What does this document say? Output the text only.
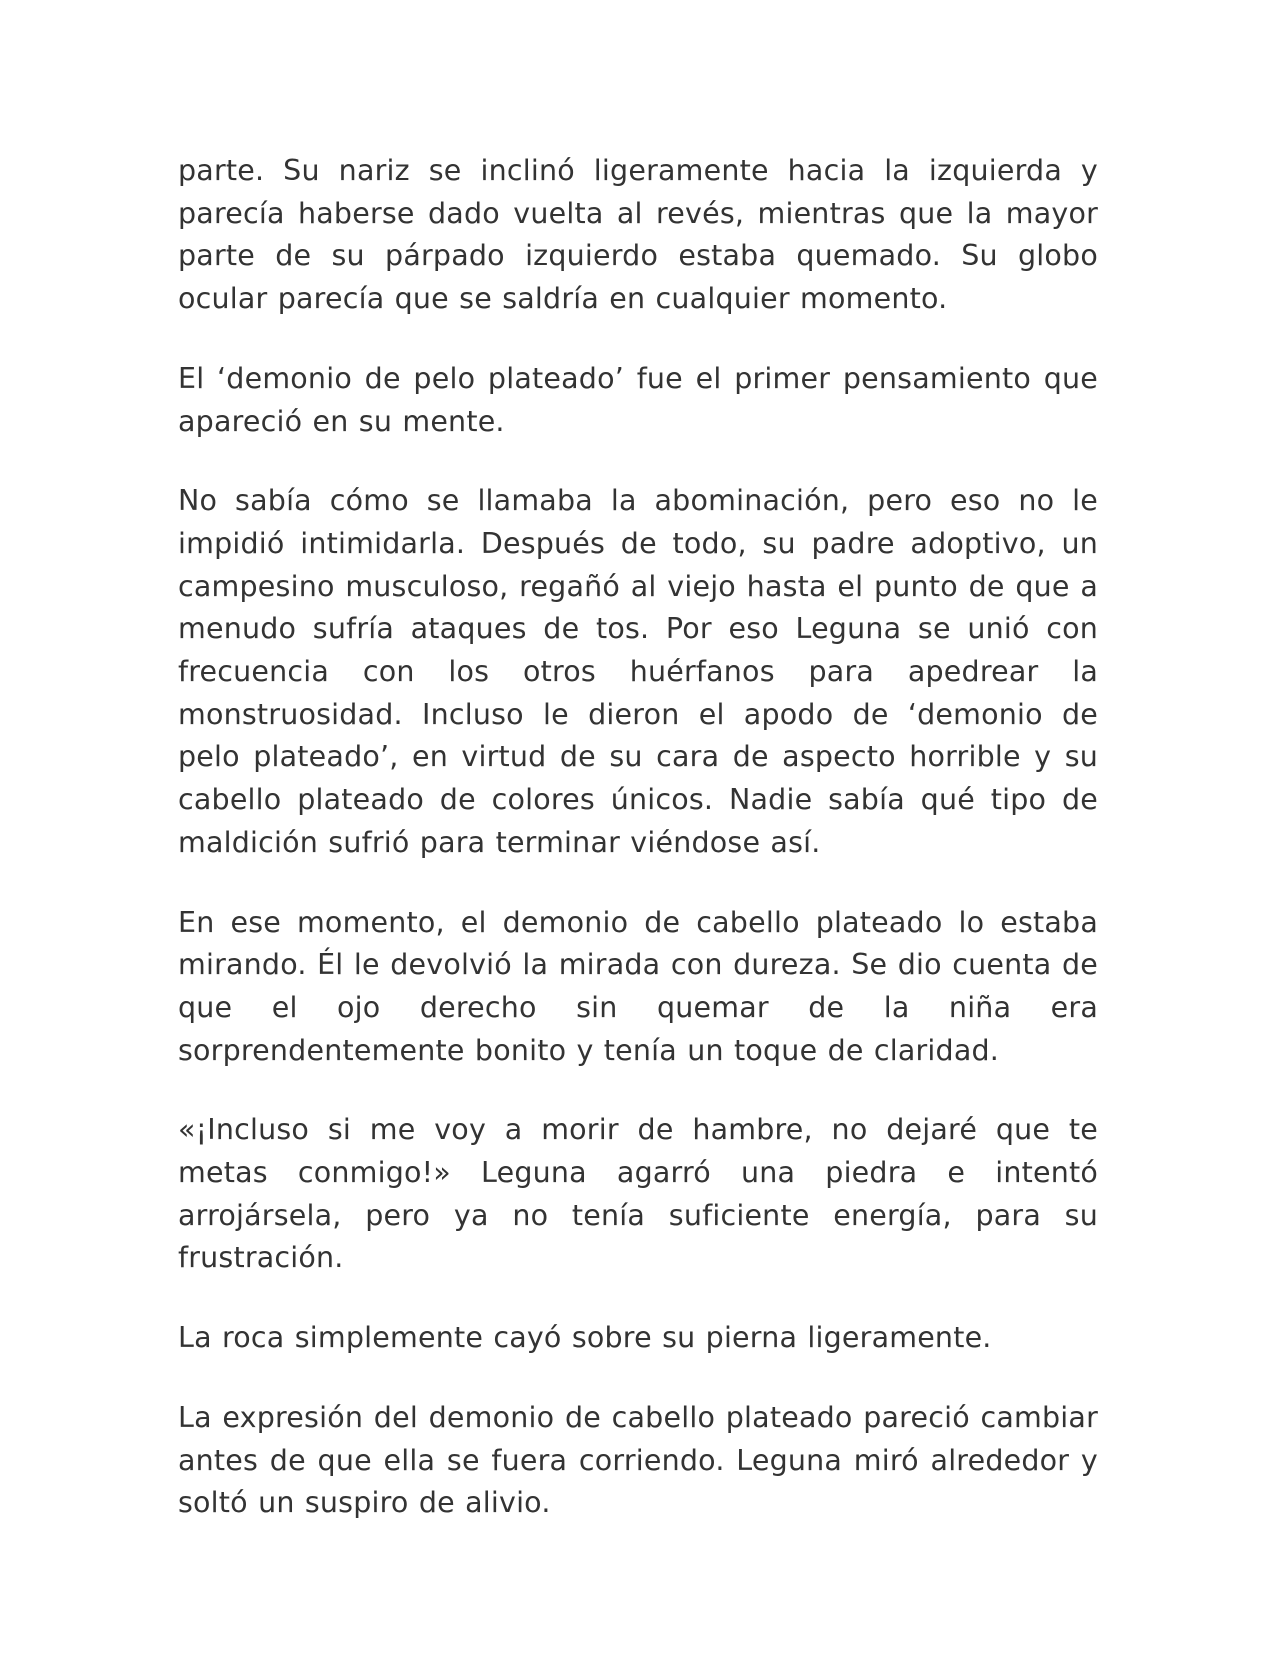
parte. Su nariz se inclinó ligeramente hacia la izquierda y parecía haberse dado vuelta al revés, mientras que la mayor parte de su párpado izquierdo estaba quemado. Su globo ocular parecía que se saldría en cualquier momento.

El ‘demonio de pelo plateado’ fue el primer pensamiento que apareció en su mente.

No sabía cómo se llamaba la abominación, pero eso no le impidió intimidarla. Después de todo, su padre adoptivo, un campesino musculoso, regañó al viejo hasta el punto de que a menudo sufría ataques de tos. Por eso Leguna se unió con frecuencia con los otros huérfanos para apedrear la monstruosidad. Incluso le dieron el apodo de ‘demonio de pelo plateado’, en virtud de su cara de aspecto horrible y su cabello plateado de colores únicos. Nadie sabía qué tipo de maldición sufrió para terminar viéndose así.

En ese momento, el demonio de cabello plateado lo estaba mirando. Él le devolvió la mirada con dureza. Se dio cuenta de que el ojo derecho sin quemar de la niña era sorprendentemente bonito y tenía un toque de claridad.

«¡Incluso si me voy a morir de hambre, no dejaré que te metas conmigo!» Leguna agarró una piedra e intentó arrojársela, pero ya no tenía suficiente energía, para su frustración.

La roca simplemente cayó sobre su pierna ligeramente.

La expresión del demonio de cabello plateado pareció cambiar antes de que ella se fuera corriendo. Leguna miró alrededor y soltó un suspiro de alivio.
